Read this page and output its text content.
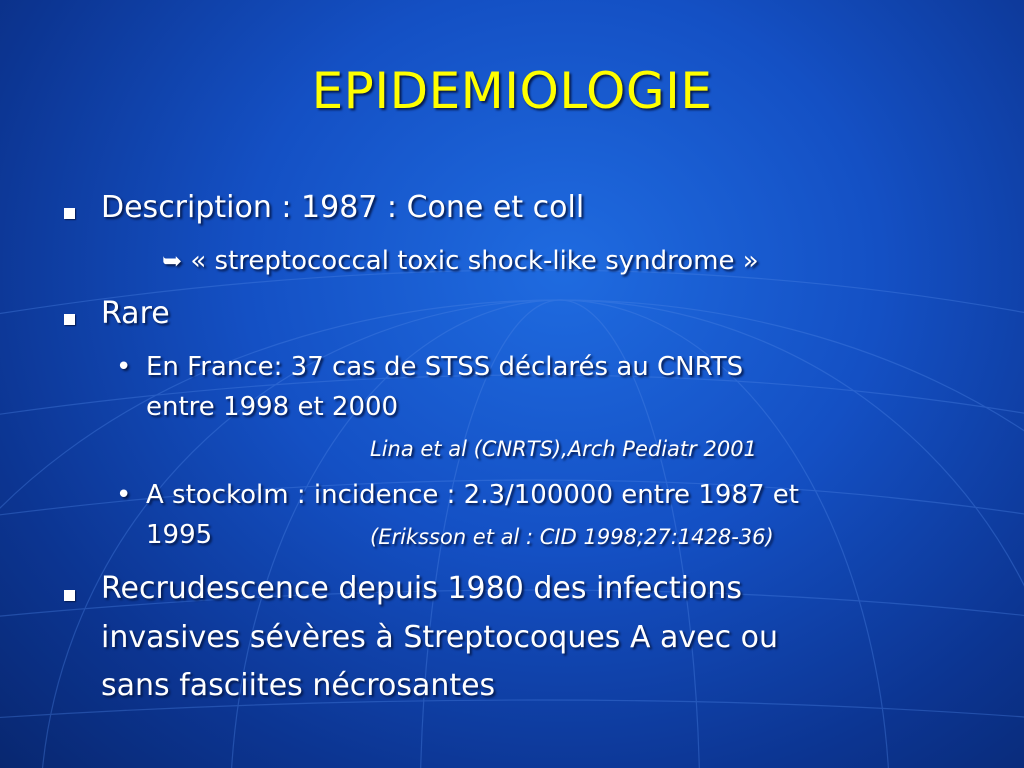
EPIDEMIOLOGIE
Description : 1987 : Cone et coll
➥ « streptococcal toxic shock-like syndrome »
Rare
• En France: 37 cas de STSS déclarés au CNRTS
entre 1998 et 2000
Lina et al (CNRTS),Arch Pediatr 2001
• A stockolm : incidence : 2.3/100000 entre 1987 et
1995	(Eriksson et al : CID 1998;27:1428-36)
Recrudescence depuis 1980 des infections
invasives sévères à Streptocoques A avec ou
sans fasciites nécrosantes
